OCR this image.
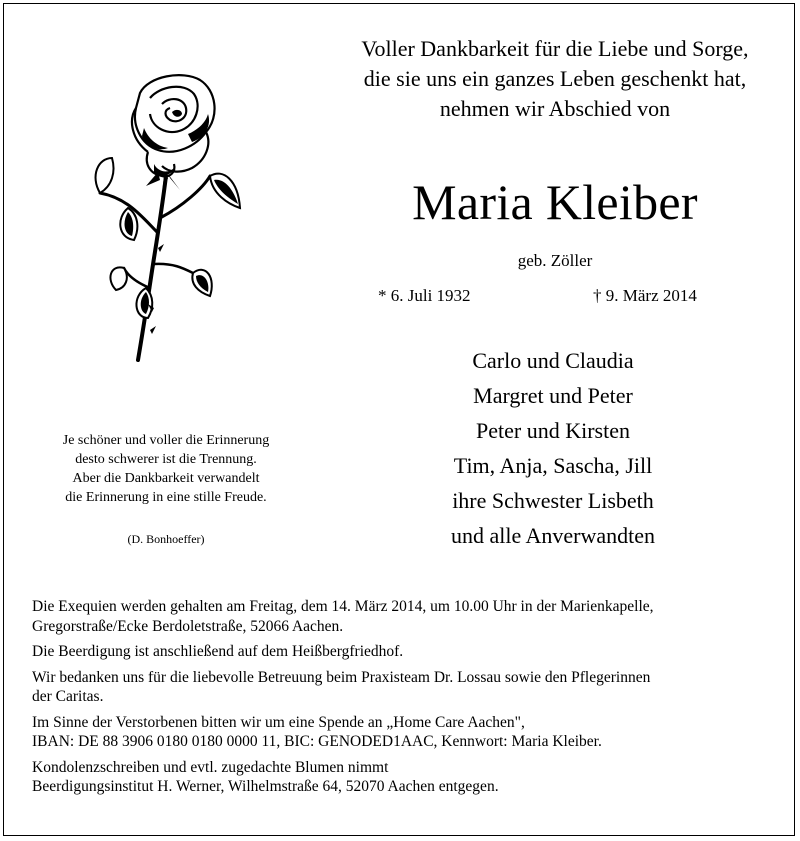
Voller Dankbarkeit für die Liebe und Sorge,
die sie uns ein ganzes Leben geschenkt hat,
nehmen wir Abschied von
Maria Kleiber
geb. Zöller
* 6. Juli 1932	† 9. März 2014
Carlo und Claudia
Margret und Peter
Peter und Kirsten
Tim, Anja, Sascha, Jill
ihre Schwester Lisbeth
und alle Anverwandten
Je schöner und voller die Erinnerung
desto schwerer ist die Trennung.
Aber die Dankbarkeit verwandelt
die Erinnerung in eine stille Freude.
(D. Bonhoeffer)
Die Exequien werden gehalten am Freitag, dem 14. März 2014, um 10.00 Uhr in der Marienkapelle,
Gregorstraße/Ecke Berdoletstraße, 52066 Aachen.
Die Beerdigung ist anschließend auf dem Heißbergfriedhof.
Wir bedanken uns für die liebevolle Betreuung beim Praxisteam Dr. Lossau sowie den Pflegerinnen
der Caritas.
Im Sinne der Verstorbenen bitten wir um eine Spende an „Home Care Aachen",
IBAN: DE 88 3906 0180 0180 0000 11, BIC: GENODED1AAC, Kennwort: Maria Kleiber.
Kondolenzschreiben und evtl. zugedachte Blumen nimmt
Beerdigungsinstitut H. Werner, Wilhelmstraße 64, 52070 Aachen entgegen.
